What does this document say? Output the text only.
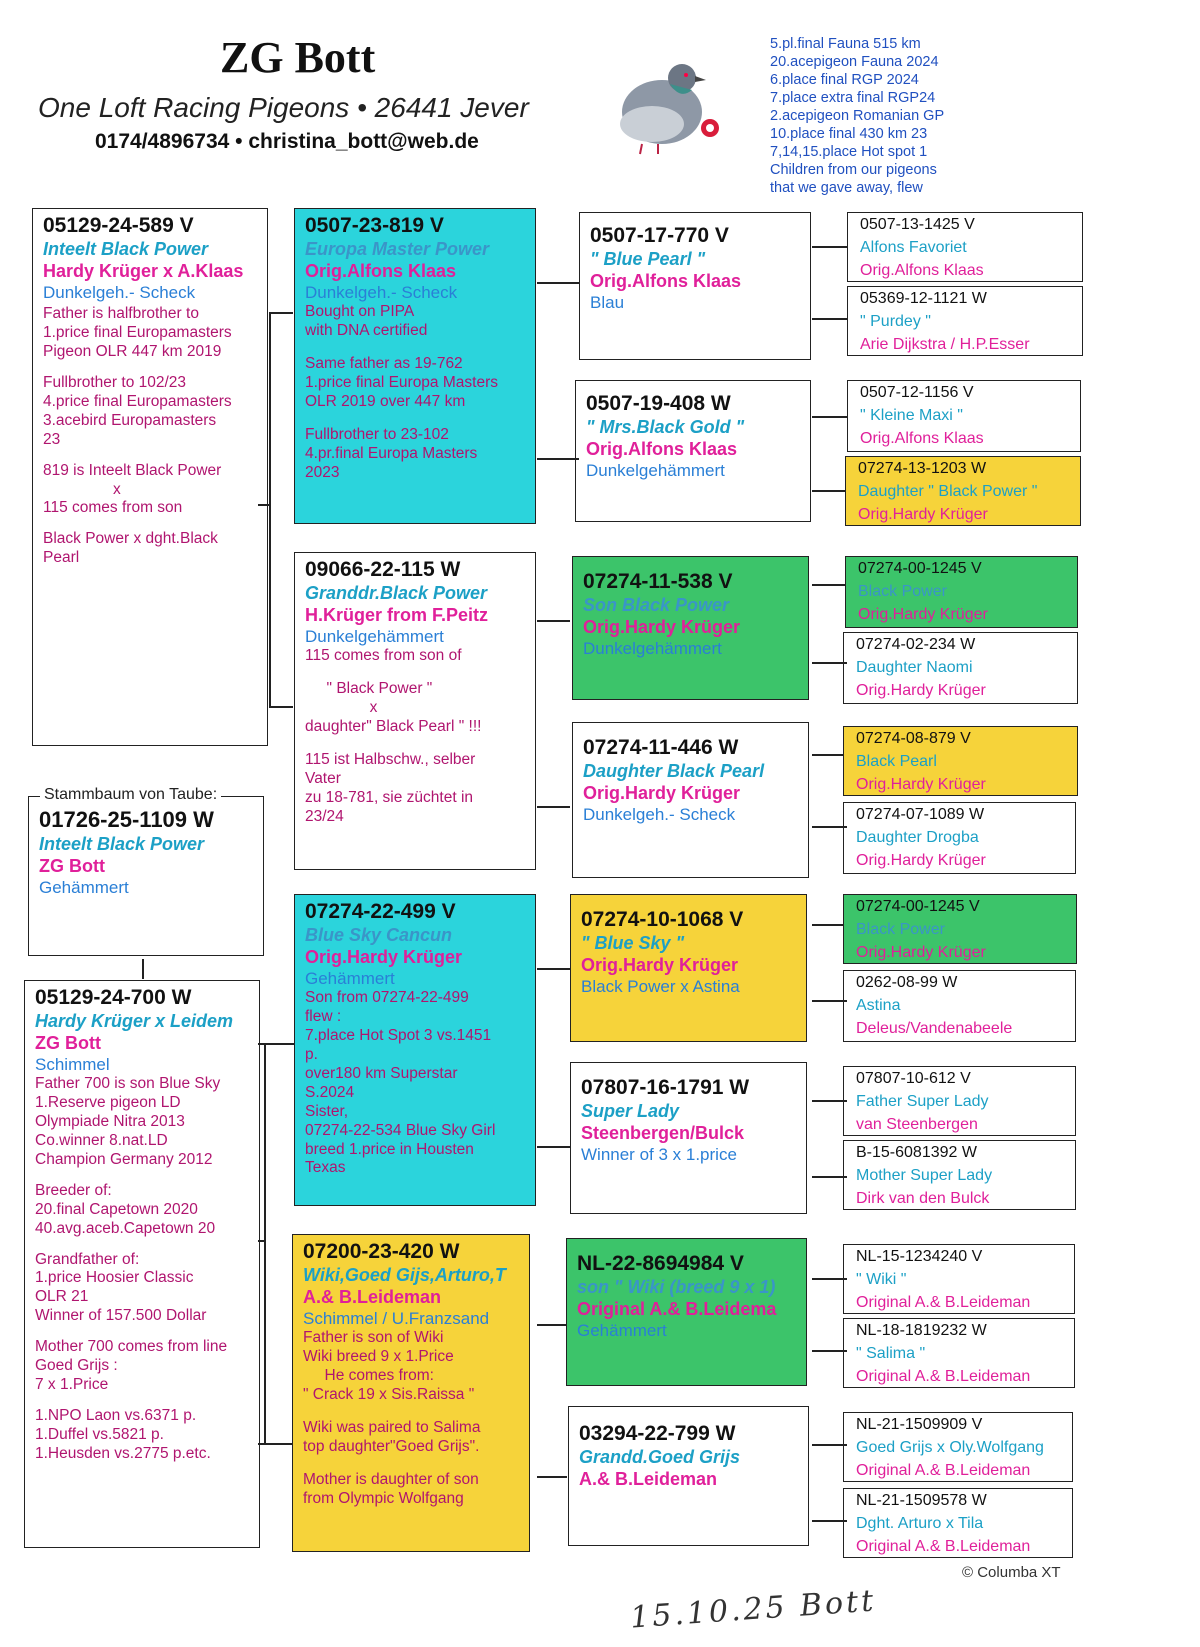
ZG Bott
One Loft Racing Pigeons • 26441 Jever
0174/4896734 • christina_bott@web.de
5.pl.final Fauna 515 km
20.acepigeon Fauna 2024
6.place final RGP 2024
7.place extra final RGP24
2.acepigeon Romanian GP
10.place final 430 km 23
7,14,15.place Hot spot 1
Children from our pigeons
that we gave away, flew
05129-24-589 V
Inteelt Black Power
Hardy Krüger x A.Klaas
Dunkelgeh.- Scheck
Father is halfbrother to
1.price final Europamasters
Pigeon OLR 447 km 2019
Fullbrother to 102/23
4.price final Europamasters
3.acebird Europamasters
23
819 is Inteelt Black Power
x
115 comes from son
Black Power x dght.Black
Pearl
01726-25-1109 W
Inteelt Black Power
ZG Bott
Gehämmert
Stammbaum von Taube:
05129-24-700 W
Hardy Krüger x Leidem
ZG Bott
Schimmel
Father 700 is son Blue Sky
1.Reserve pigeon LD
Olympiade Nitra 2013
Co.winner 8.nat.LD
Champion Germany 2012
Breeder of:
20.final Capetown 2020
40.avg.aceb.Capetown 20
Grandfather of:
1.price Hoosier Classic
OLR 21
Winner of 157.500 Dollar
Mother 700 comes from line
Goed Grijs :
7 x 1.Price
1.NPO Laon vs.6371 p.
1.Duffel vs.5821 p.
1.Heusden vs.2775 p.etc.
0507-23-819 V
Europa Master Power
Orig.Alfons Klaas
Dunkelgeh.- Scheck
Bought on PIPA
with DNA certified
Same father as 19-762
1.price final Europa Masters
OLR 2019 over 447 km
Fullbrother to 23-102
4.pr.final Europa Masters
2023
09066-22-115 W
Granddr.Black Power
H.Krüger from F.Peitz
Dunkelgehämmert
115 comes from son of
" Black Power "
x
daughter" Black Pearl " !!!
115 ist Halbschw., selber
Vater
zu 18-781, sie züchtet in
23/24
07274-22-499 V
Blue Sky Cancun
Orig.Hardy Krüger
Gehämmert
Son from 07274-22-499
flew :
7.place Hot Spot 3 vs.1451
p.
over180 km Superstar
S.2024
Sister,
07274-22-534 Blue Sky Girl
breed 1.price in Housten
Texas
07200-23-420 W
Wiki,Goed Gijs,Arturo,T
A.& B.Leideman
Schimmel / U.Franzsand
Father is son of Wiki
Wiki breed 9 x 1.Price
He comes from:
" Crack 19 x Sis.Raissa "
Wiki was paired to Salima
top daughter"Goed Grijs".
Mother is daughter of son
from Olympic Wolfgang
0507-17-770 V
" Blue Pearl "
Orig.Alfons Klaas
Blau
0507-19-408 W
" Mrs.Black Gold "
Orig.Alfons Klaas
Dunkelgehämmert
07274-11-538 V
Son Black Power
Orig.Hardy Krüger
Dunkelgehämmert
07274-11-446 W
Daughter Black Pearl
Orig.Hardy Krüger
Dunkelgeh.- Scheck
07274-10-1068 V
" Blue Sky "
Orig.Hardy Krüger
Black Power x Astina
07807-16-1791 W
Super Lady
Steenbergen/Bulck
Winner of 3 x 1.price
NL-22-8694984 V
son " Wiki (breed 9 x 1)
Original A.& B.Leidema
Gehämmert
03294-22-799 W
Grandd.Goed Grijs
A.& B.Leideman
0507-13-1425 V
Alfons Favoriet
Orig.Alfons Klaas
05369-12-1121 W
" Purdey "
Arie Dijkstra / H.P.Esser
0507-12-1156 V
" Kleine Maxi "
Orig.Alfons Klaas
07274-13-1203 W
Daughter " Black Power "
Orig.Hardy Krüger
07274-00-1245 V
Black Power
Orig.Hardy Krüger
07274-02-234 W
Daughter Naomi
Orig.Hardy Krüger
07274-08-879 V
Black Pearl
Orig.Hardy Krüger
07274-07-1089 W
Daughter Drogba
Orig.Hardy Krüger
07274-00-1245 V
Black Power
Orig.Hardy Krüger
0262-08-99 W
Astina
Deleus/Vandenabeele
07807-10-612 V
Father Super Lady
van Steenbergen
B-15-6081392 W
Mother Super Lady
Dirk van den Bulck
NL-15-1234240 V
" Wiki "
Original A.& B.Leideman
NL-18-1819232 W
" Salima "
Original A.& B.Leideman
NL-21-1509909 V
Goed Grijs x Oly.Wolfgang
Original A.& B.Leideman
NL-21-1509578 W
Dght. Arturo x Tila
Original A.& B.Leideman
© Columba XT
15.10.25 Bott
